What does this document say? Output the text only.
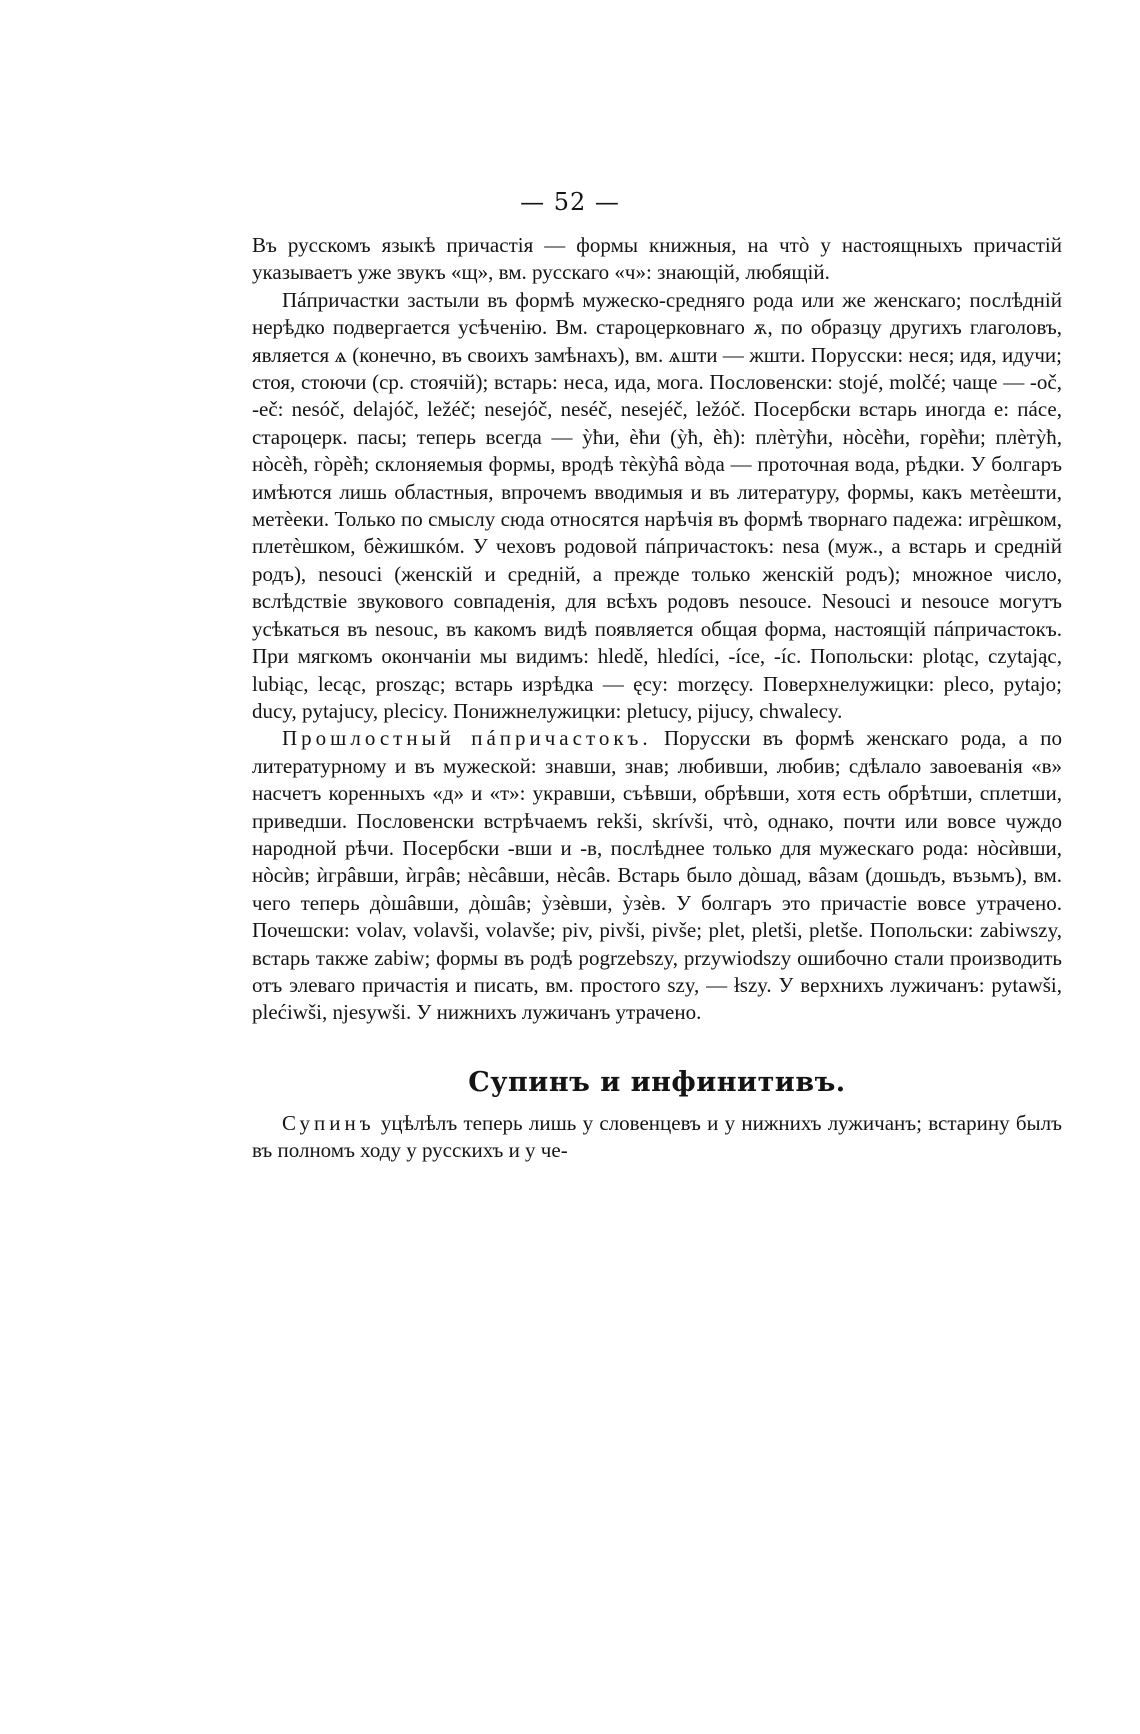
— 52 —

Въ русскомъ языкѣ причастія — формы книжныя, на чтò у настоящныхъ причастій указываетъ уже звукъ «щ», вм. русскаго «ч»: знающій, любящій.

Пáпричастки застыли въ формѣ мужеско-средняго рода или же женскаго; послѣдній нерѣдко подвергается усѣченію. Вм. староцерковнаго ѫ, по образцу другихъ глаголовъ, является ѧ (конечно, въ своихъ замѣнахъ), вм. ѧшти — жшти. Порусски: неся; идя, идучи; стоя, стоючи (ср. стоячій); встарь: неса, ида, мога. Пословенски: stojé, molčé; чаще — -oč, -eč: nesóč, delajóč, ležéč; nesejóč, neséč, nesejéč, ležóč. Посербски встарь иногда е: пáсе, староцерк. пасы; теперь всегда — ỳћи, ѐћи (ỳћ, ѐћ): плѐтỳћи, нòсѐћи, горѐћи; плѐтỳћ, нòсѐћ, гòрѐћ; склоняемыя формы, вродѣ тѐкỳћâ вòда — проточная вода, рѣдки. У болгаръ имѣются лишь областныя, впрочемъ вводимыя и въ литературу, формы, какъ метѐешти, метѐеки. Только по смыслу сюда относятся нарѣчія въ формѣ творнаго падежа: игрѐшком, плетѐшком, бѐжишкóм. У чеховъ родовой пáпричастокъ: nesa (муж., а встарь и средній родъ), nesouci (женскій и средній, а прежде только женскій родъ); множное число, вслѣдствіе звукового совпаденія, для всѣхъ родовъ nesouce. Nesouci и nesouce могутъ усѣкаться въ nesouc, въ какомъ видѣ появляется общая форма, настоящій пáпричастокъ. При мягкомъ окончаніи мы видимъ: hledě, hledíci, -íce, -íc. Попольски: plotąc, czytając, lubiąc, lecąc, prosząc; встарь изрѣдка — ęcy: morzęcy. Поверхнелужицки: pleco, pytajo; ducy, pytajucy, plecicy. Понижнелужицки: pletucy, pijucy, chwalecy.

Прошлостный пáпричастокъ. Порусски въ формѣ женскаго рода, а по литературному и въ мужеской: знавши, знав; любивши, любив; сдѣлало завоеванія «в» насчетъ коренныхъ «д» и «т»: укравши, съѣвши, обрѣвши, хотя есть обрѣтши, сплетши, приведши. Пословенски встрѣчаемъ rekši, skrívši, чтò, однако, почти или вовсе чуждо народной рѣчи. Посербски -вши и -в, послѣднее только для мужескаго рода: нòсѝвши, нòсѝв; ѝгрâвши, ѝгрâв; нѐсâвши, нѐсâв. Встарь было дòшад, вâзам (дошьдъ, възьмъ), вм. чего теперь дòшâвши, дòшâв; ỳзѐвши, ỳзѐв. У болгаръ это причастіе вовсе утрачено. Почешски: volav, volavši, volavše; piv, pivši, pivše; plet, pletši, pletše. Попольски: zabiwszy, встарь также zabiw; формы въ родѣ pogrzebszy, przywiodszy ошибочно стали производить отъ элеваго причастія и писать, вм. простого szy, — łszy. У верхнихъ лужичанъ: pytawši, plećiwši, njesywši. У нижнихъ лужичанъ утрачено.

Супинъ и инфинитивъ.

Супинъ уцѣлѣлъ теперь лишь у словенцевъ и у нижнихъ лужичанъ; встарину былъ въ полномъ ходу у русскихъ и у че-
